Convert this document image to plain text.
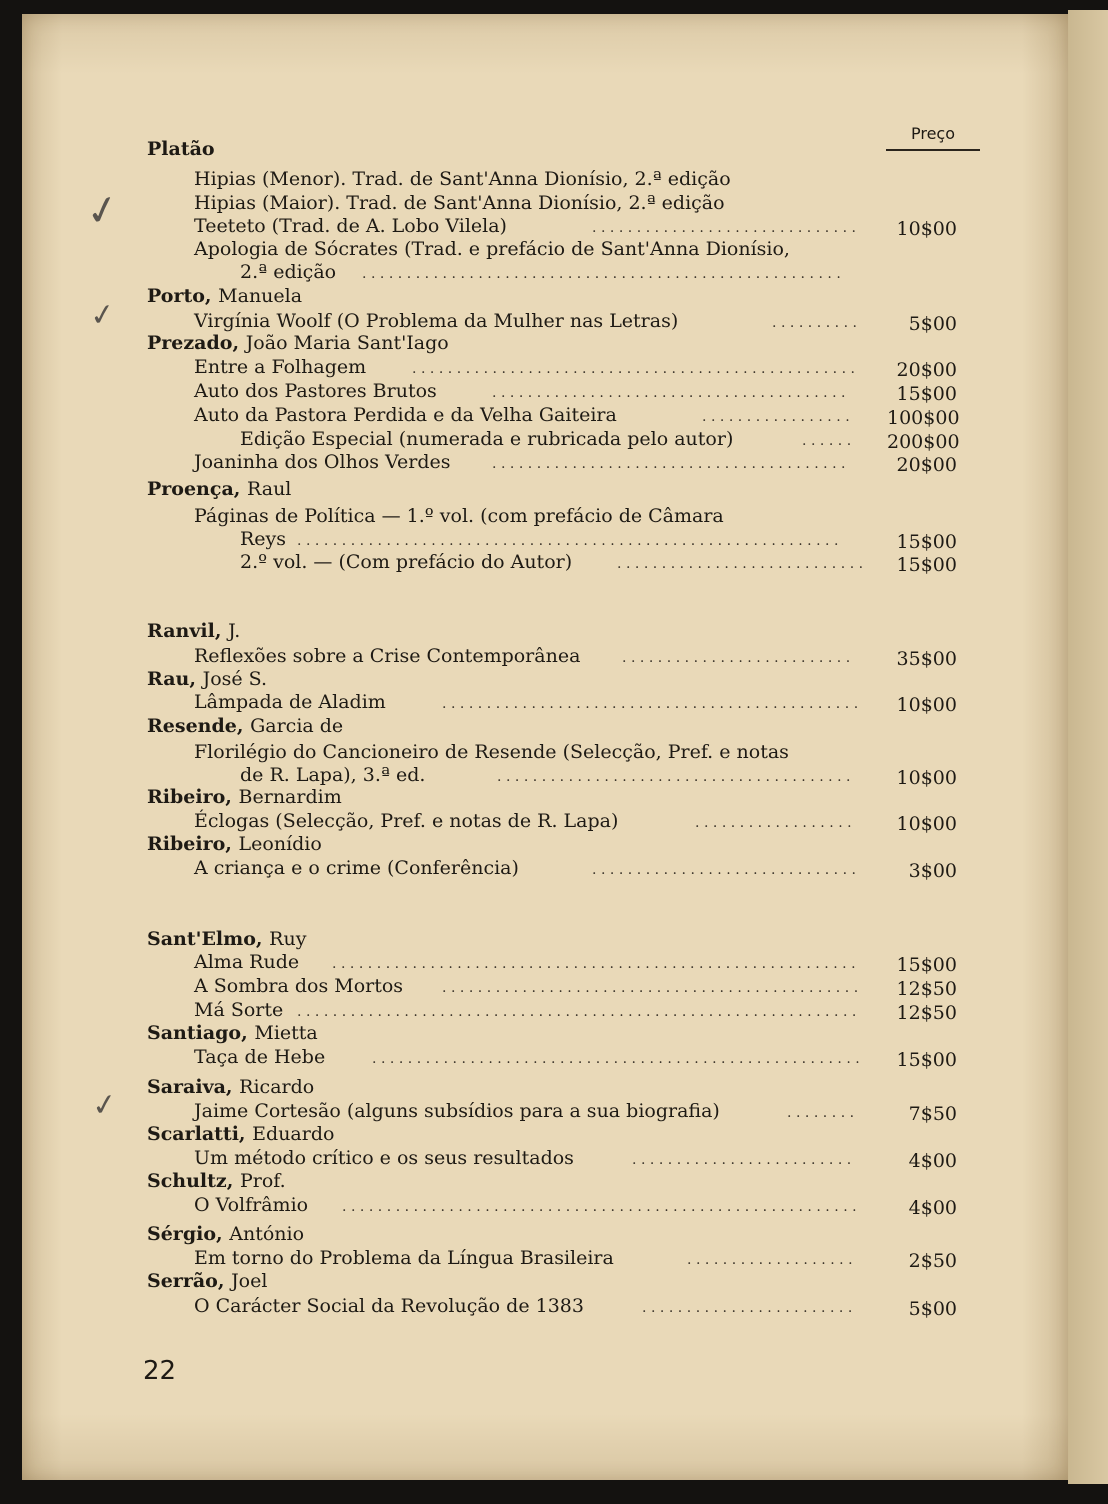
Preço
✓
✓
✓
Platão
Hipias (Menor). Trad. de Sant'Anna Dionísio, 2.ª edição
Hipias (Maior). Trad. de Sant'Anna Dionísio, 2.ª edição
Teeteto (Trad. de A. Lobo Vilela)	..............................	10$00
Apologia de Sócrates (Trad. e prefácio de Sant'Anna Dionísio,
2.ª edição ......................................................
Porto, Manuela
Virgínia Woolf (O Problema da Mulher nas Letras)	..........	5$00
Prezado, João Maria Sant'Iago
Entre a Folhagem	..................................................	20$00
Auto dos Pastores Brutos	........................................	15$00
Auto da Pastora Perdida e da Velha Gaiteira	................. 100$00
Edição Especial (numerada e rubricada pelo autor)	...... 200$00
Joaninha dos Olhos Verdes	........................................	20$00
Proença, Raul
Páginas de Política — 1.º vol. (com prefácio de Câmara
Reys .............................................................	15$00
2.º vol. — (Com prefácio do Autor)	............................	15$00
Ranvil, J.
Reflexões sobre a Crise Contemporânea	..........................	35$00
Rau, José S.
Lâmpada de Aladim	...............................................	10$00
Resende, Garcia de
Florilégio do Cancioneiro de Resende (Selecção, Pref. e notas
de R. Lapa), 3.ª ed.	........................................	10$00
Ribeiro, Bernardim
Éclogas (Selecção, Pref. e notas de R. Lapa)	..................	10$00
Ribeiro, Leonídio
A criança e o crime (Conferência)	..............................	3$00
Sant'Elmo, Ruy
Alma Rude ...........................................................	15$00
A Sombra dos Mortos	...............................................	12$50
Má Sorte ...............................................................	12$50
Santiago, Mietta
Taça de Hebe	.......................................................	15$00
Saraiva, Ricardo
Jaime Cortesão (alguns subsídios para a sua biografia)	........	7$50
Scarlatti, Eduardo
Um método crítico e os seus resultados	.........................	4$00
Schultz, Prof.
O Volfrâmio ..........................................................	4$00
Sérgio, António
Em torno do Problema da Língua Brasileira	...................	2$50
Serrão, Joel
O Carácter Social da Revolução de 1383	........................	5$00
22
